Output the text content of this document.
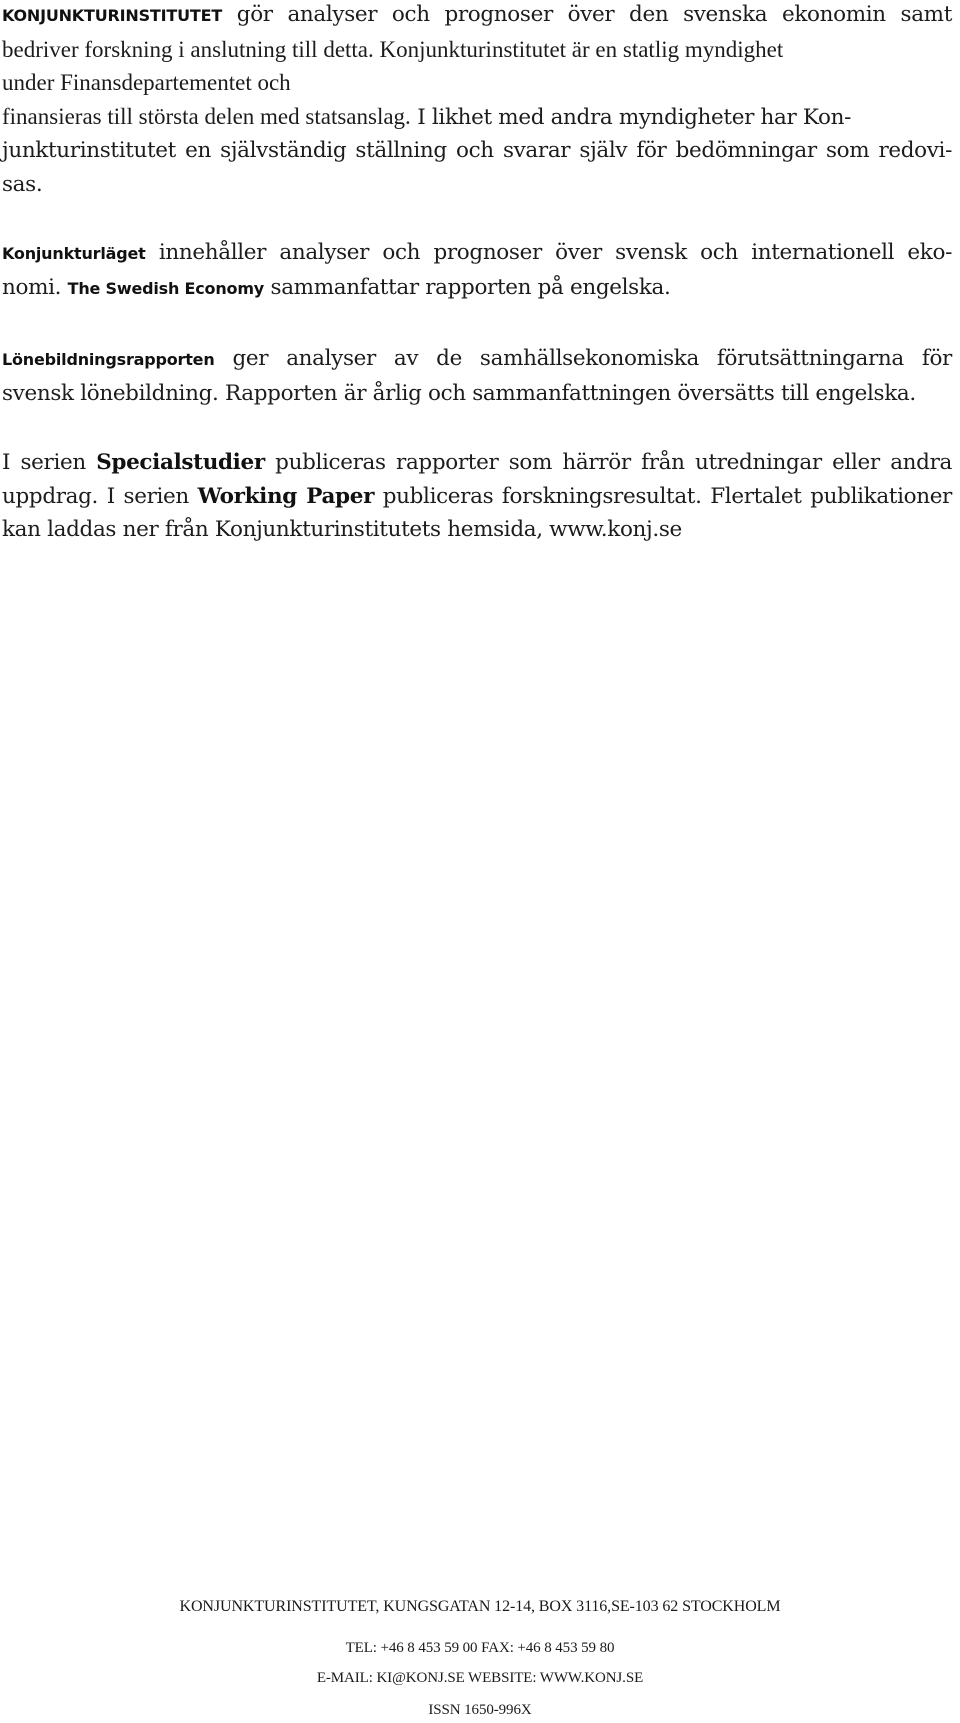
KONJUNKTURINSTITUTET gör analyser och prognoser över den svenska ekonomin samt
bedriver forskning i anslutning till detta. Konjunkturinstitutet är en statlig myndighet
under Finansdepartementet och
finansieras till största delen med statsanslag. I likhet med andra myndigheter har Kon-
junkturinstitutet en självständig ställning och svarar själv för bedömningar som redovi-
sas.
Konjunkturläget innehåller analyser och prognoser över svensk och internationell eko-
nomi. The Swedish Economy sammanfattar rapporten på engelska.
Lönebildningsrapporten ger analyser av de samhällsekonomiska förutsättningarna för
svensk lönebildning. Rapporten är årlig och sammanfattningen översätts till engelska.
I serien Specialstudier publiceras rapporter som härrör från utredningar eller andra
uppdrag. I serien Working Paper publiceras forskningsresultat. Flertalet publikationer
kan laddas ner från Konjunkturinstitutets hemsida, www.konj.se
KONJUNKTURINSTITUTET, KUNGSGATAN 12-14, BOX 3116,SE-103 62 STOCKHOLM
TEL: +46 8 453 59 00 FAX: +46 8 453 59 80
E-MAIL: KI@KONJ.SE WEBSITE: WWW.KONJ.SE
ISSN 1650-996X
